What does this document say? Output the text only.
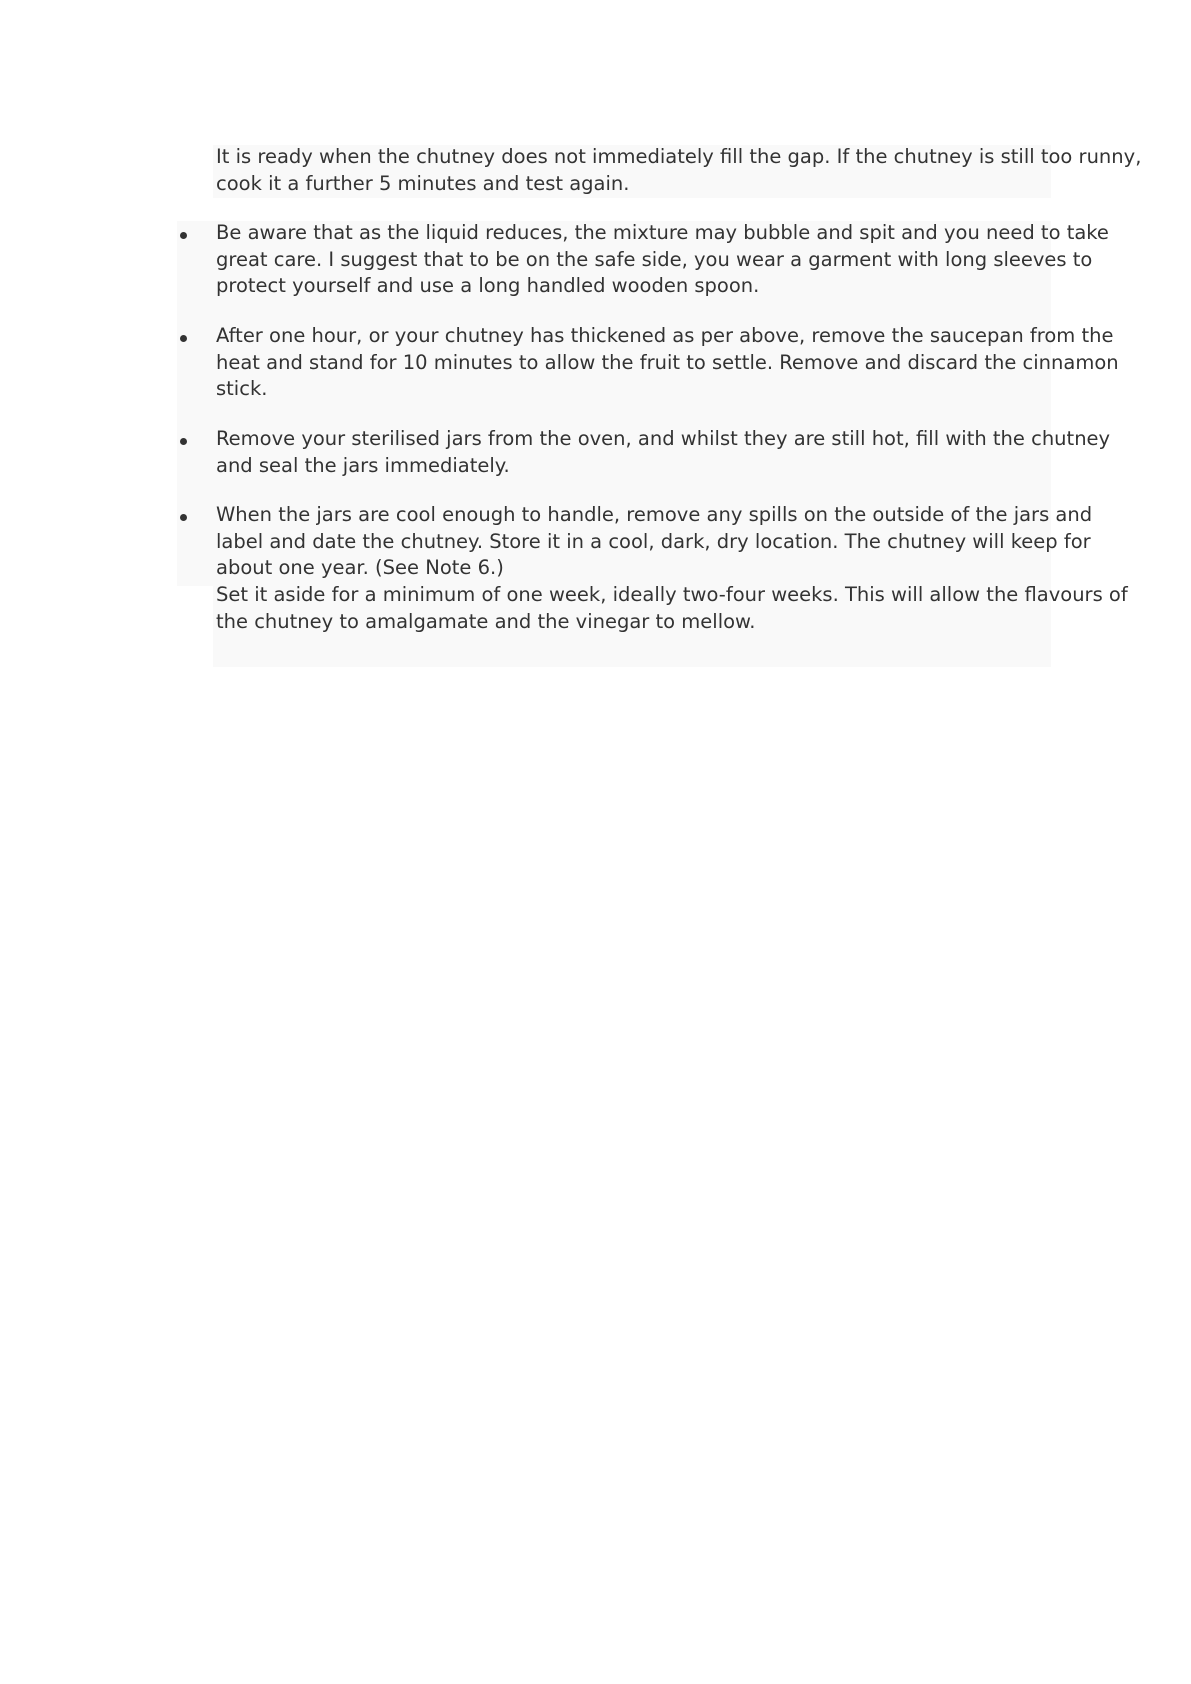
It is ready when the chutney does not immediately fill the gap. If the chutney is still too runny,
cook it a further 5 minutes and test again.

Be aware that as the liquid reduces, the mixture may bubble and spit and you need to take
great care. I suggest that to be on the safe side, you wear a garment with long sleeves to
protect yourself and use a long handled wooden spoon.

After one hour, or your chutney has thickened as per above, remove the saucepan from the
heat and stand for 10 minutes to allow the fruit to settle. Remove and discard the cinnamon
stick.

Remove your sterilised jars from the oven, and whilst they are still hot, fill with the chutney
and seal the jars immediately.

When the jars are cool enough to handle, remove any spills on the outside of the jars and
label and date the chutney. Store it in a cool, dark, dry location. The chutney will keep for
about one year. (See Note 6.)

Set it aside for a minimum of one week, ideally two-four weeks. This will allow the flavours of
the chutney to amalgamate and the vinegar to mellow.
